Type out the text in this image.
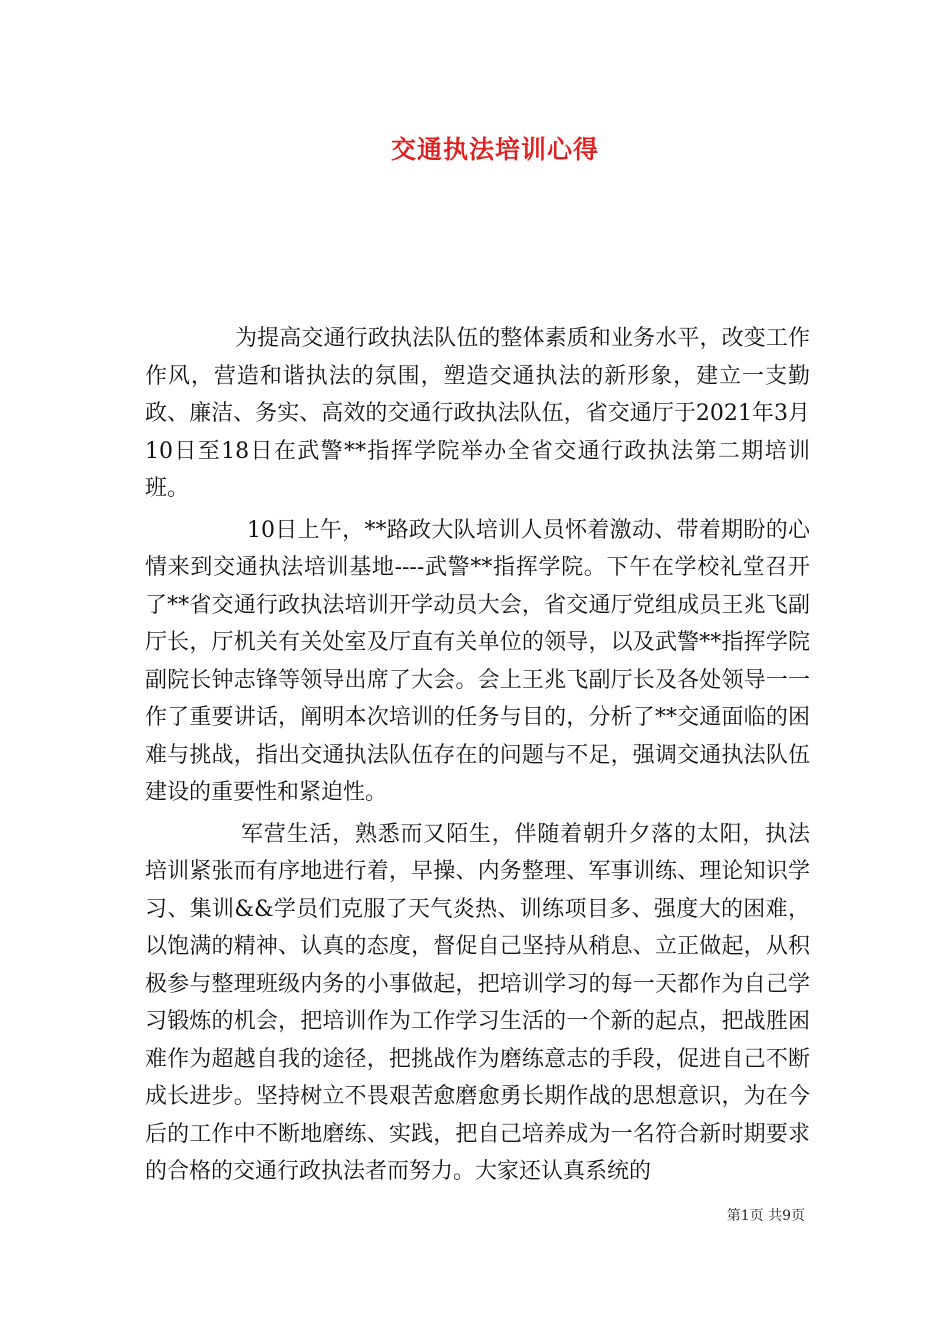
交通执法培训心得

为提高交通行政执法队伍的整体素质和业务水平，改变工作作风，营造和谐执法的氛围，塑造交通执法的新形象，建立一支勤政、廉洁、务实、高效的交通行政执法队伍，省交通厅于2021年3月10日至18日在武警**指挥学院举办全省交通行政执法第二期培训班。

10日上午，**路政大队培训人员怀着激动、带着期盼的心情来到交通执法培训基地----武警**指挥学院。下午在学校礼堂召开了**省交通行政执法培训开学动员大会，省交通厅党组成员王兆飞副厅长，厅机关有关处室及厅直有关单位的领导，以及武警**指挥学院副院长钟志锋等领导出席了大会。会上王兆飞副厅长及各处领导一一作了重要讲话，阐明本次培训的任务与目的，分析了**交通面临的困难与挑战，指出交通执法队伍存在的问题与不足，强调交通执法队伍建设的重要性和紧迫性。

军营生活，熟悉而又陌生，伴随着朝升夕落的太阳，执法培训紧张而有序地进行着，早操、内务整理、军事训练、理论知识学习、集训&&学员们克服了天气炎热、训练项目多、强度大的困难，以饱满的精神、认真的态度，督促自己坚持从稍息、立正做起，从积极参与整理班级内务的小事做起，把培训学习的每一天都作为自己学习锻炼的机会，把培训作为工作学习生活的一个新的起点，把战胜困难作为超越自我的途径，把挑战作为磨练意志的手段，促进自己不断成长进步。坚持树立不畏艰苦愈磨愈勇长期作战的思想意识，为在今后的工作中不断地磨练、实践，把自己培养成为一名符合新时期要求的合格的交通行政执法者而努力。大家还认真系统的

第1页 共9页
